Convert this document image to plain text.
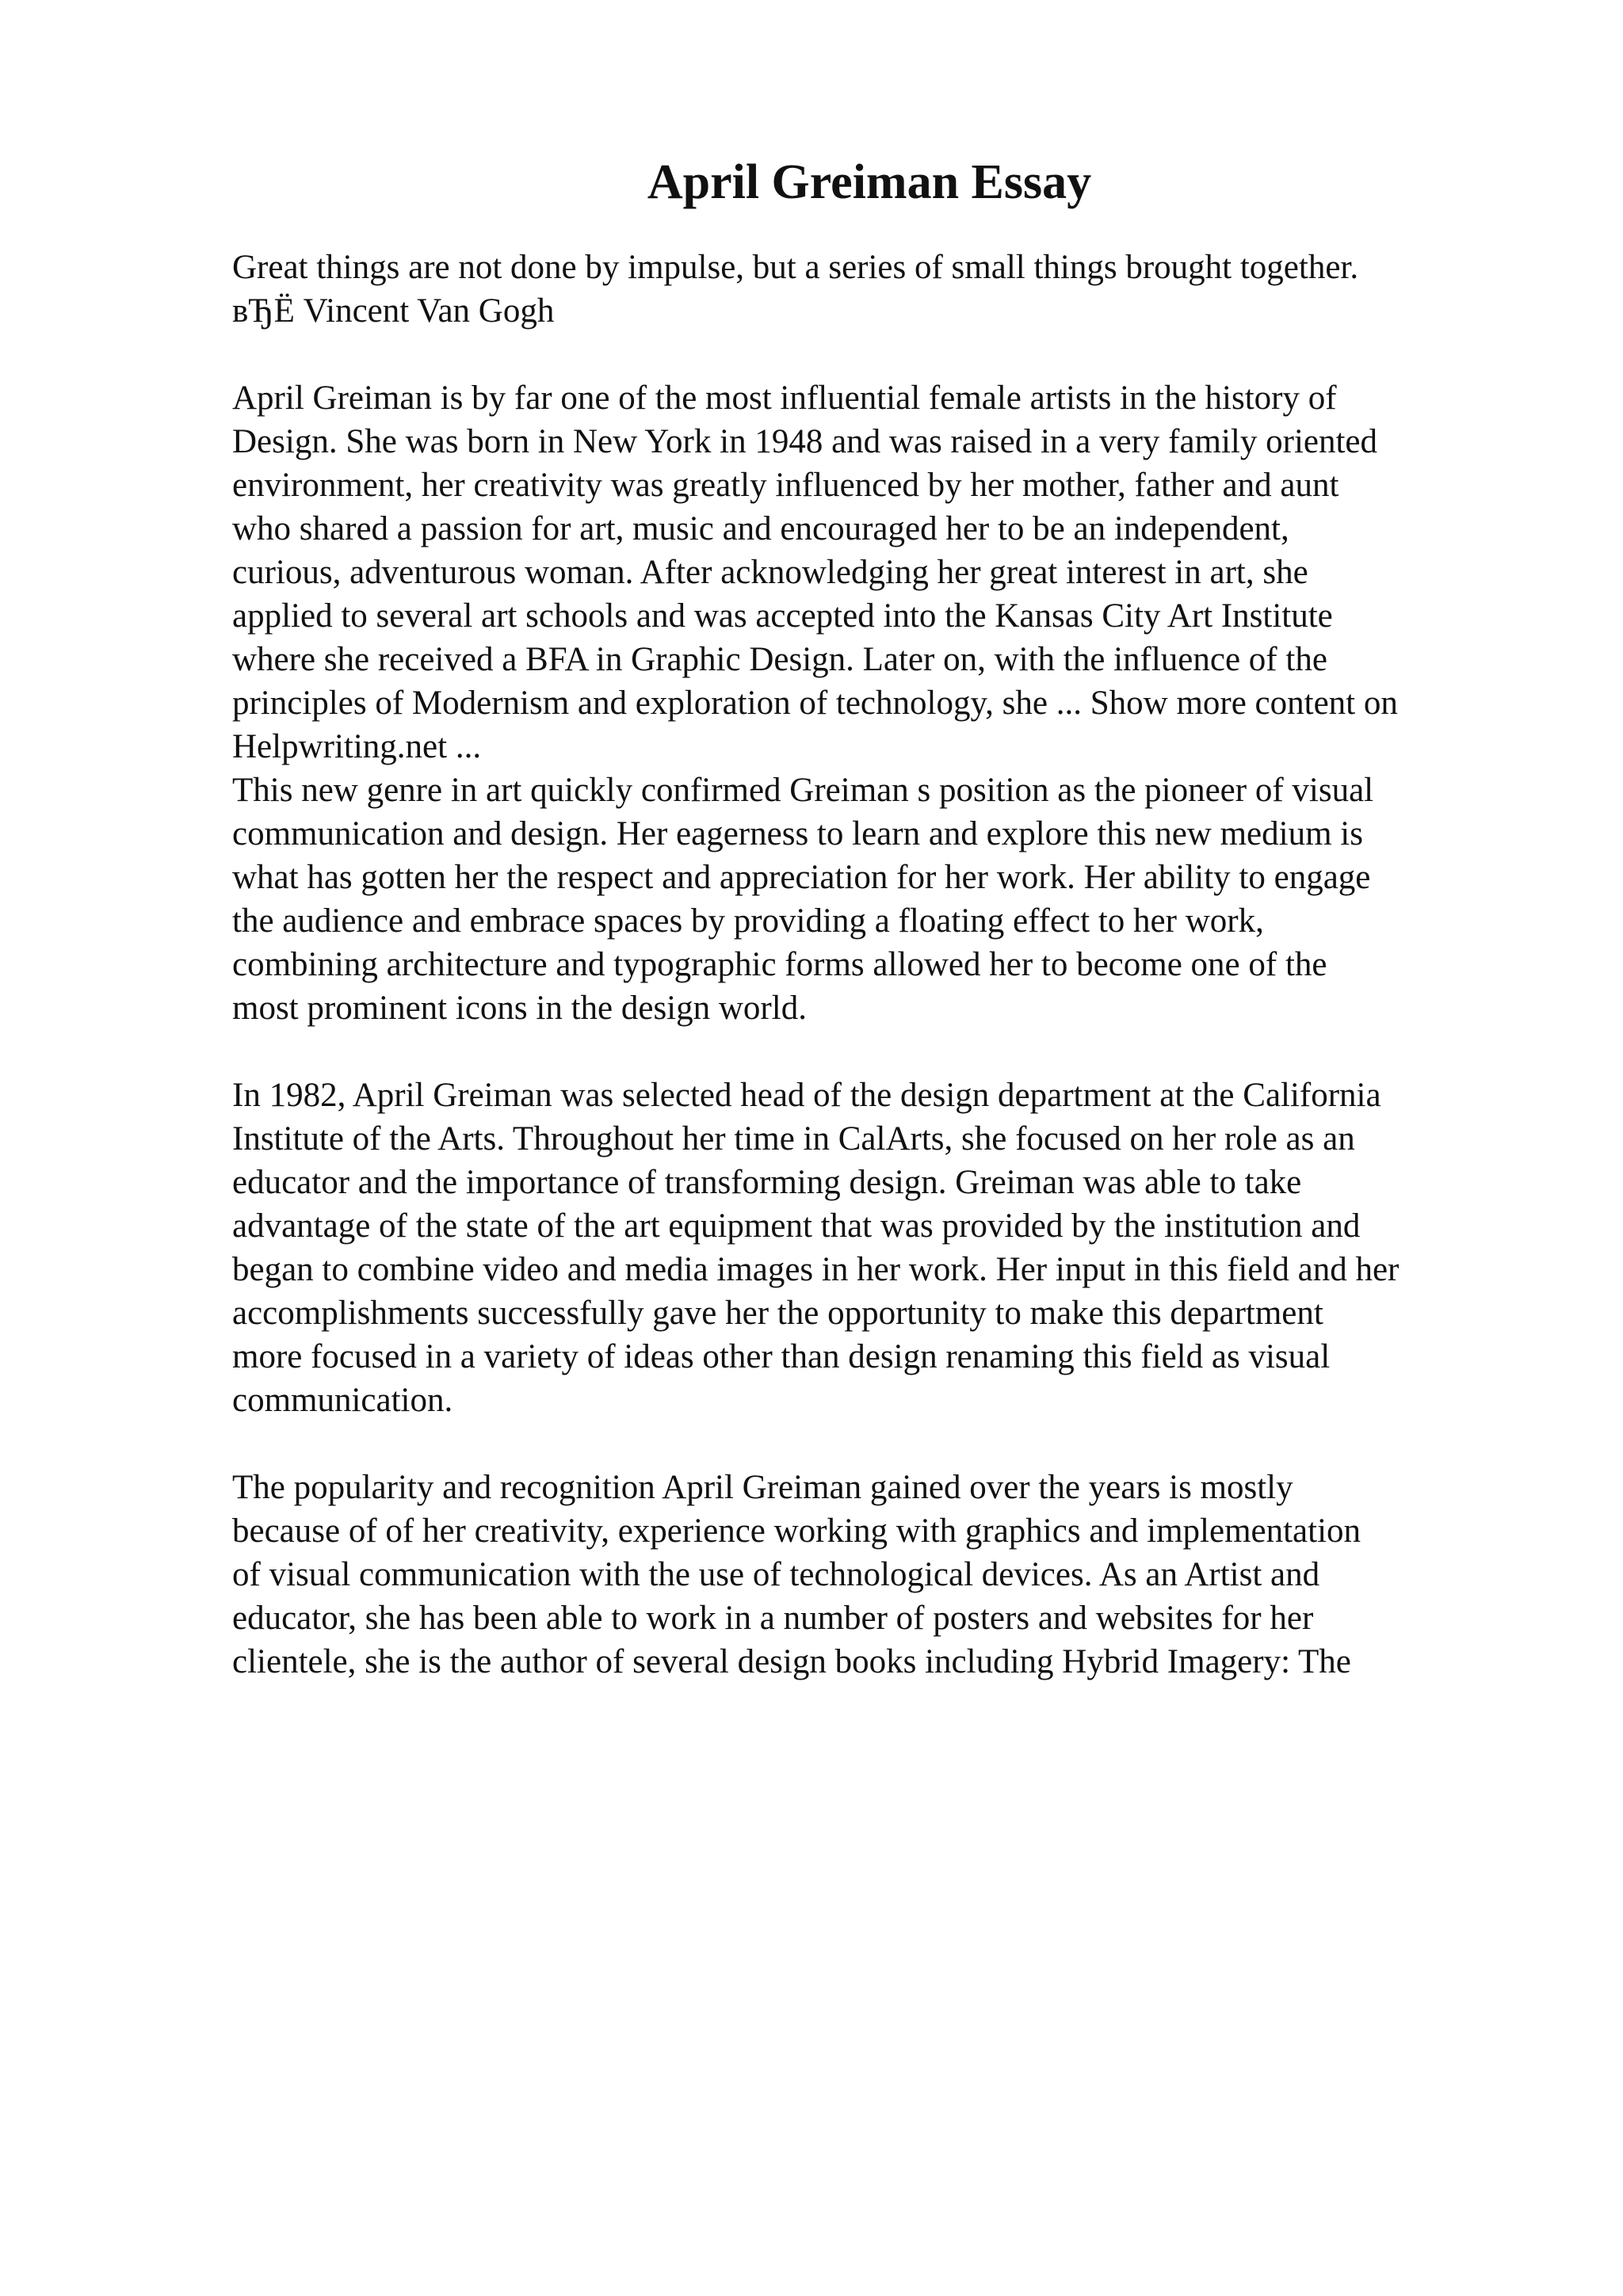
April Greiman Essay

Great things are not done by impulse, but a series of small things brought together.
вЂЁ Vincent Van Gogh

April Greiman is by far one of the most influential female artists in the history of
Design. She was born in New York in 1948 and was raised in a very family oriented
environment, her creativity was greatly influenced by her mother, father and aunt
who shared a passion for art, music and encouraged her to be an independent,
curious, adventurous woman. After acknowledging her great interest in art, she
applied to several art schools and was accepted into the Kansas City Art Institute
where she received a BFA in Graphic Design. Later on, with the influence of the
principles of Modernism and exploration of technology, she ... Show more content on
Helpwriting.net ...

This new genre in art quickly confirmed Greiman s position as the pioneer of visual
communication and design. Her eagerness to learn and explore this new medium is
what has gotten her the respect and appreciation for her work. Her ability to engage
the audience and embrace spaces by providing a floating effect to her work,
combining architecture and typographic forms allowed her to become one of the
most prominent icons in the design world.

In 1982, April Greiman was selected head of the design department at the California
Institute of the Arts. Throughout her time in CalArts, she focused on her role as an
educator and the importance of transforming design. Greiman was able to take
advantage of the state of the art equipment that was provided by the institution and
began to combine video and media images in her work. Her input in this field and her
accomplishments successfully gave her the opportunity to make this department
more focused in a variety of ideas other than design renaming this field as visual
communication.

The popularity and recognition April Greiman gained over the years is mostly
because of of her creativity, experience working with graphics and implementation
of visual communication with the use of technological devices. As an Artist and
educator, she has been able to work in a number of posters and websites for her
clientele, she is the author of several design books including Hybrid Imagery: The
